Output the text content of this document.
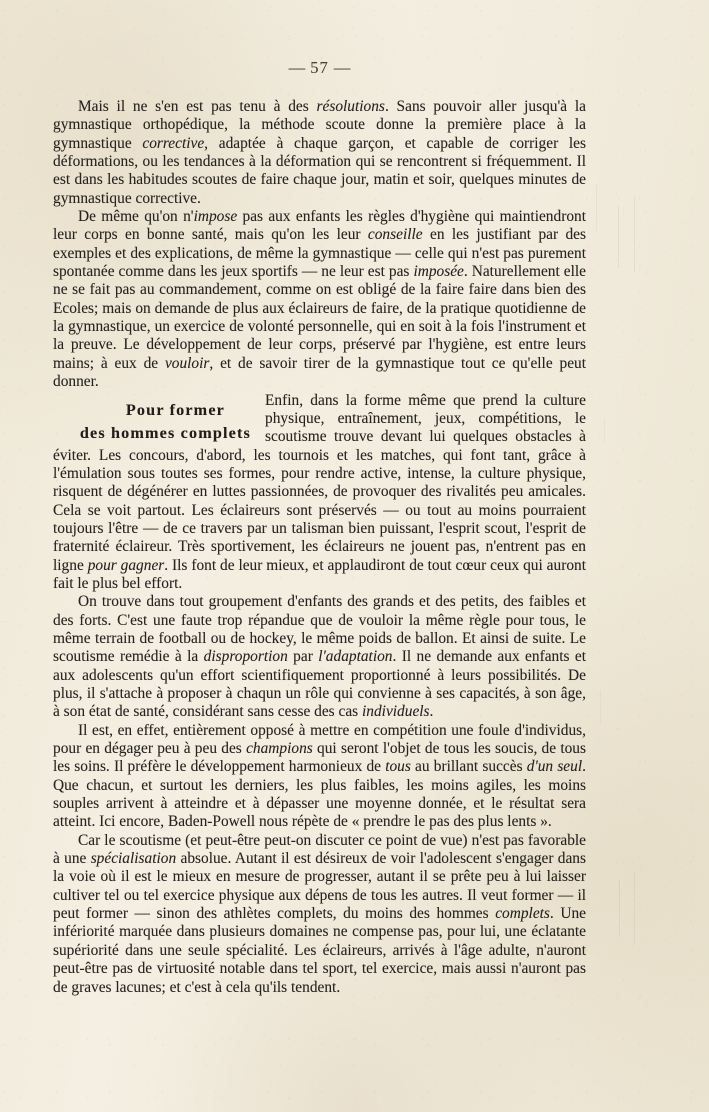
— 57 —

Mais il ne s'en est pas tenu à des résolutions. Sans pouvoir aller jusqu'à la gymnastique orthopédique, la méthode scoute donne la première place à la gymnastique corrective, adaptée à chaque garçon, et capable de corriger les déformations, ou les tendances à la déformation qui se rencontrent si fréquemment. Il est dans les habitudes scoutes de faire chaque jour, matin et soir, quelques minutes de gymnastique corrective.

De même qu'on n'impose pas aux enfants les règles d'hygiène qui maintiendront leur corps en bonne santé, mais qu'on les leur conseille en les justifiant par des exemples et des explications, de même la gymnastique — celle qui n'est pas purement spontanée comme dans les jeux sportifs — ne leur est pas imposée. Naturellement elle ne se fait pas au commandement, comme on est obligé de la faire faire dans bien des Ecoles; mais on demande de plus aux éclaireurs de faire, de la pratique quotidienne de la gymnastique, un exercice de volonté personnelle, qui en soit à la fois l'instrument et la preuve. Le développement de leur corps, préservé par l'hygiène, est entre leurs mains; à eux de vouloir, et de savoir tirer de la gymnastique tout ce qu'elle peut donner.

Pour former
des hommes complets

Enfin, dans la forme même que prend la culture physique, entraînement, jeux, compétitions, le scoutisme trouve devant lui quelques obstacles à éviter. Les concours, d'abord, les tournois et les matches, qui font tant, grâce à l'émulation sous toutes ses formes, pour rendre active, intense, la culture physique, risquent de dégénérer en luttes passionnées, de provoquer des rivalités peu amicales. Cela se voit partout. Les éclaireurs sont préservés — ou tout au moins pourraient toujours l'être — de ce travers par un talisman bien puissant, l'esprit scout, l'esprit de fraternité éclaireur. Très sportivement, les éclaireurs ne jouent pas, n'entrent pas en ligne pour gagner. Ils font de leur mieux, et applaudiront de tout cœur ceux qui auront fait le plus bel effort.

On trouve dans tout groupement d'enfants des grands et des petits, des faibles et des forts. C'est une faute trop répandue que de vouloir la même règle pour tous, le même terrain de football ou de hockey, le même poids de ballon. Et ainsi de suite. Le scoutisme remédie à la disproportion par l'adaptation. Il ne demande aux enfants et aux adolescents qu'un effort scientifiquement proportionné à leurs possibilités. De plus, il s'attache à proposer à chaqun un rôle qui convienne à ses capacités, à son âge, à son état de santé, considérant sans cesse des cas individuels.

Il est, en effet, entièrement opposé à mettre en compétition une foule d'individus, pour en dégager peu à peu des champions qui seront l'objet de tous les soucis, de tous les soins. Il préfère le développement harmonieux de tous au brillant succès d'un seul. Que chacun, et surtout les derniers, les plus faibles, les moins agiles, les moins souples arrivent à atteindre et à dépasser une moyenne donnée, et le résultat sera atteint. Ici encore, Baden-Powell nous répète de « prendre le pas des plus lents ».

Car le scoutisme (et peut-être peut-on discuter ce point de vue) n'est pas favorable à une spécialisation absolue. Autant il est désireux de voir l'adolescent s'engager dans la voie où il est le mieux en mesure de progresser, autant il se prête peu à lui laisser cultiver tel ou tel exercice physique aux dépens de tous les autres. Il veut former — il peut former — sinon des athlètes complets, du moins des hommes complets. Une infériorité marquée dans plusieurs domaines ne compense pas, pour lui, une éclatante supériorité dans une seule spécialité. Les éclaireurs, arrivés à l'âge adulte, n'auront peut-être pas de virtuosité notable dans tel sport, tel exercice, mais aussi n'auront pas de graves lacunes; et c'est à cela qu'ils tendent.
